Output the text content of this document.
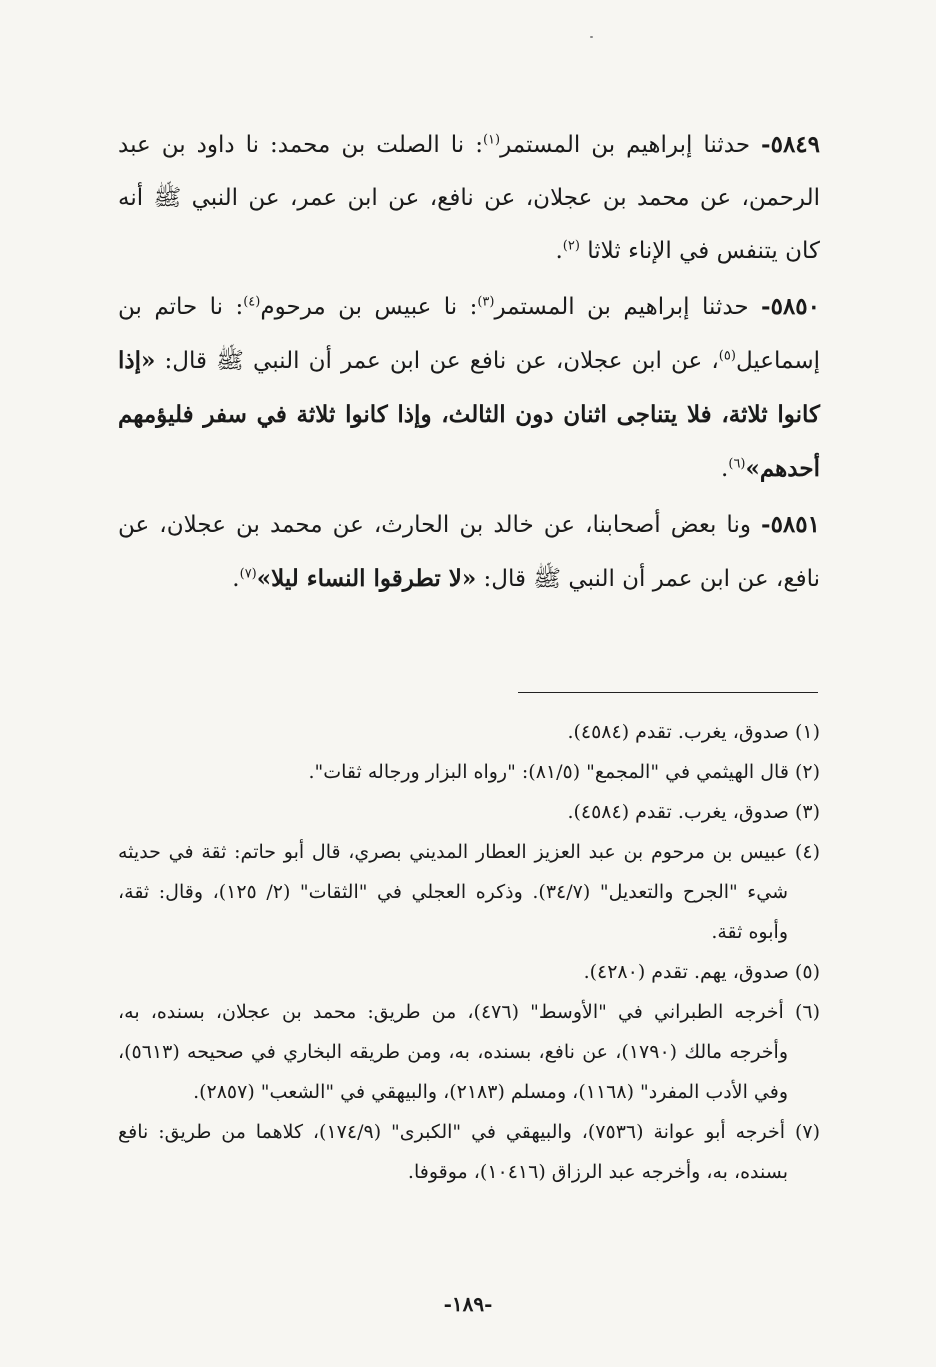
٥٨٤٩- حدثنا إبراهيم بن المستمر$^{(١)}$: نا الصلت بن محمد: نا داود بن عبد الرحمن، عن محمد بن عجلان، عن نافع، عن ابن عمر، عن النبي ﷺ أنه كان يتنفس في الإناء ثلاثا $^{(٢)}$.

٥٨٥٠- حدثنا إبراهيم بن المستمر$^{(٣)}$: نا عبيس بن مرحوم$^{(٤)}$: نا حاتم بن إسماعيل$^{(٥)}$، عن ابن عجلان، عن نافع عن ابن عمر أن النبي ﷺ قال: «إذا كانوا ثلاثة، فلا يتناجى اثنان دون الثالث، وإذا كانوا ثلاثة في سفر فليؤمهم أحدهم»$^{(٦)}$.

٥٨٥١- ونا بعض أصحابنا، عن خالد بن الحارث، عن محمد بن عجلان، عن نافع، عن ابن عمر أن النبي ﷺ قال: «لا تطرقوا النساء ليلا»$^{(٧)}$.

(١) صدوق، يغرب. تقدم (٤٥٨٤).

(٢) قال الهيثمي في "المجمع" (٨١/٥): "رواه البزار ورجاله ثقات".

(٣) صدوق، يغرب. تقدم (٤٥٨٤).

(٤) عبيس بن مرحوم بن عبد العزيز العطار المديني بصري، قال أبو حاتم: ثقة في حديثه شيء "الجرح والتعديل" (٣٤/٧). وذكره العجلي في "الثقات" (٢/ ١٢٥)، وقال: ثقة، وأبوه ثقة.

(٥) صدوق، يهم. تقدم (٤٢٨٠).

(٦) أخرجه الطبراني في "الأوسط" (٤٧٦)، من طريق: محمد بن عجلان، بسنده، به، وأخرجه مالك (١٧٩٠)، عن نافع، بسنده، به، ومن طريقه البخاري في صحيحه (٥٦١٣)، وفي الأدب المفرد" (١١٦٨)، ومسلم (٢١٨٣)، والبيهقي في "الشعب" (٢٨٥٧).

(٧) أخرجه أبو عوانة (٧٥٣٦)، والبيهقي في "الكبرى" (١٧٤/٩)، كلاهما من طريق: نافع بسنده، به، وأخرجه عبد الرزاق (١٠٤١٦)، موقوفا.

-١٨٩-
